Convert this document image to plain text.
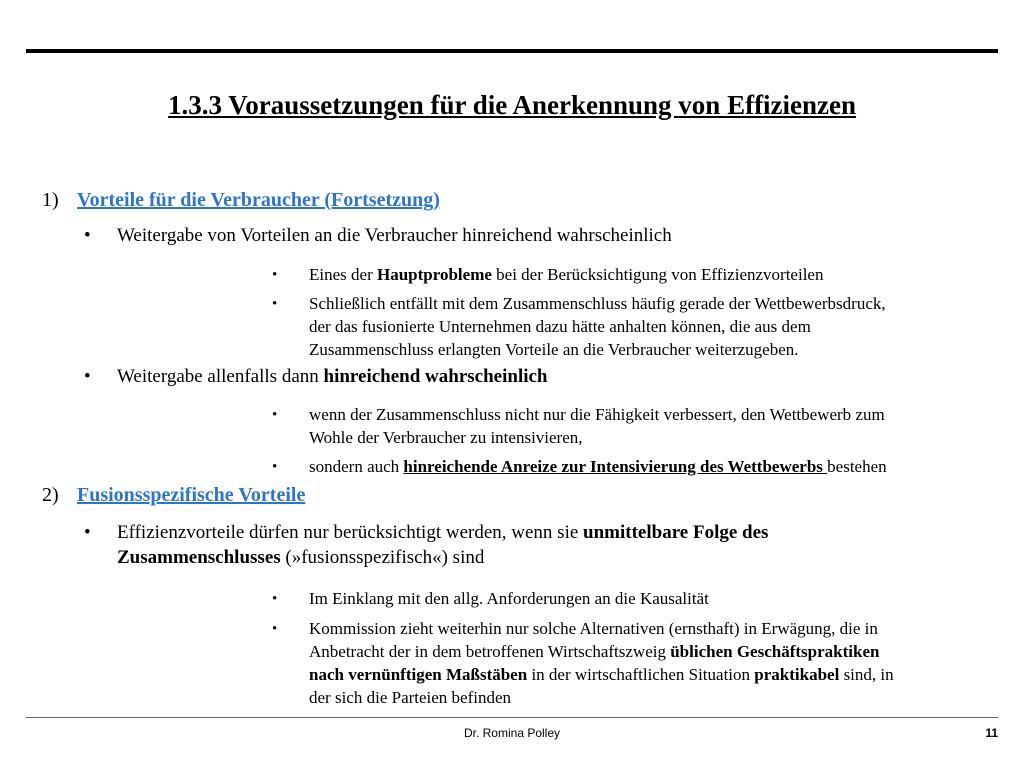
1.3.3 Voraussetzungen für die Anerkennung von Effizienzen
1) Vorteile für die Verbraucher (Fortsetzung)
• Weitergabe von Vorteilen an die Verbraucher hinreichend wahrscheinlich
• Eines der Hauptprobleme bei der Berücksichtigung von Effizienzvorteilen
• Schließlich entfällt mit dem Zusammenschluss häufig gerade der Wettbewerbsdruck,
der das fusionierte Unternehmen dazu hätte anhalten können, die aus dem
Zusammenschluss erlangten Vorteile an die Verbraucher weiterzugeben.
• Weitergabe allenfalls dann hinreichend wahrscheinlich
• wenn der Zusammenschluss nicht nur die Fähigkeit verbessert, den Wettbewerb zum
Wohle der Verbraucher zu intensivieren,
• sondern auch hinreichende Anreize zur Intensivierung des Wettbewerbs bestehen
2) Fusionsspezifische Vorteile
• Effizienzvorteile dürfen nur berücksichtigt werden, wenn sie unmittelbare Folge des
Zusammenschlusses (»fusionsspezifisch«) sind
• Im Einklang mit den allg. Anforderungen an die Kausalität
• Kommission zieht weiterhin nur solche Alternativen (ernsthaft) in Erwägung, die in
Anbetracht der in dem betroffenen Wirtschaftszweig üblichen Geschäftspraktiken
nach vernünftigen Maßstäben in der wirtschaftlichen Situation praktikabel sind, in
der sich die Parteien befinden
Dr. Romina Polley	11
